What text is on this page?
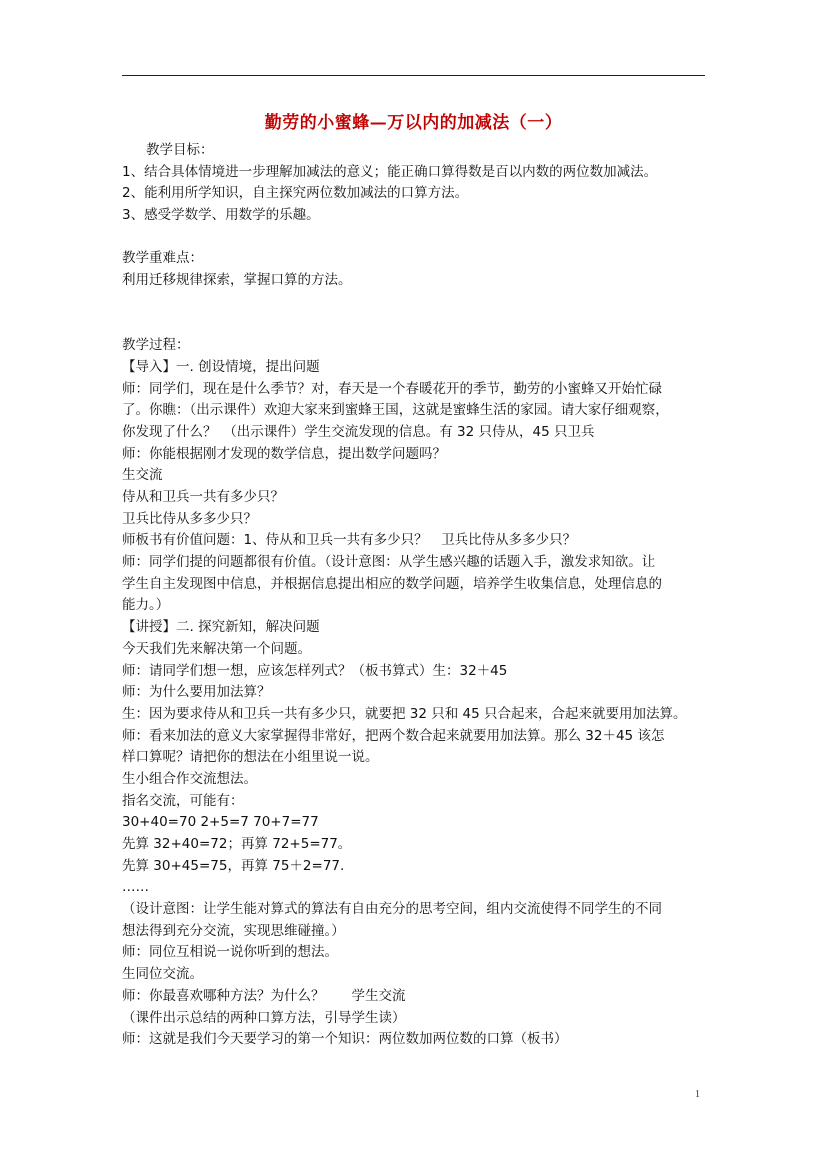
勤劳的小蜜蜂—万以内的加减法（一）
教学目标：
1、结合具体情境进一步理解加减法的意义；能正确口算得数是百以内数的两位数加减法。
2、能利用所学知识，自主探究两位数加减法的口算方法。
3、感受学数学、用数学的乐趣。
教学重难点：
利用迁移规律探索，掌握口算的方法。
教学过程：
【导入】一. 创设情境，提出问题
师：同学们，现在是什么季节？对，春天是一个春暖花开的季节，勤劳的小蜜蜂又开始忙碌
了。你瞧：（出示课件）欢迎大家来到蜜蜂王国，这就是蜜蜂生活的家园。请大家仔细观察，
你发现了什么？　（出示课件）学生交流发现的信息。有 32 只侍从，45 只卫兵
师：你能根据刚才发现的数学信息，提出数学问题吗？
生交流
侍从和卫兵一共有多少只？
卫兵比侍从多多少只？
师板书有价值问题：1、侍从和卫兵一共有多少只？　卫兵比侍从多多少只？
师：同学们提的问题都很有价值。（设计意图：从学生感兴趣的话题入手，激发求知欲。让
学生自主发现图中信息，并根据信息提出相应的数学问题，培养学生收集信息，处理信息的
能力。）
【讲授】二. 探究新知，解决问题
今天我们先来解决第一个问题。
师：请同学们想一想，应该怎样列式？（板书算式）生：32＋45
师：为什么要用加法算？
生：因为要求侍从和卫兵一共有多少只，就要把 32 只和 45 只合起来，合起来就要用加法算。
师：看来加法的意义大家掌握得非常好，把两个数合起来就要用加法算。那么 32＋45 该怎
样口算呢？请把你的想法在小组里说一说。
生小组合作交流想法。
指名交流，可能有：
30+40=70 2+5=7 70+7=77
先算 32+40=72；再算 72+5=77。
先算 30+45=75，再算 75＋2=77.
……
（设计意图：让学生能对算式的算法有自由充分的思考空间，组内交流使得不同学生的不同
想法得到充分交流，实现思维碰撞。）
师：同位互相说一说你听到的想法。
生同位交流。
师：你最喜欢哪种方法？为什么？　　学生交流
（课件出示总结的两种口算方法，引导学生读）
师：这就是我们今天要学习的第一个知识：两位数加两位数的口算（板书）
1
